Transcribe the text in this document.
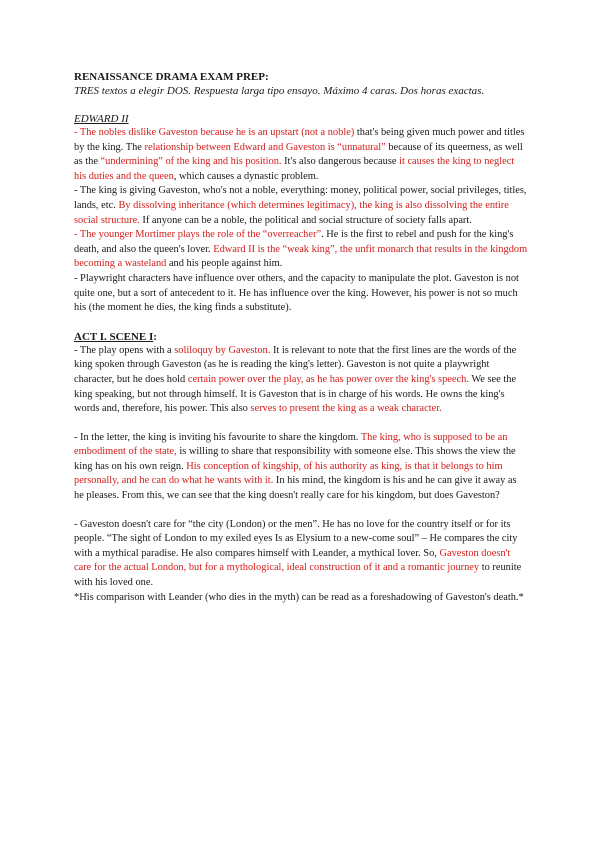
RENAISSANCE DRAMA EXAM PREP:

TRES textos a elegir DOS. Respuesta larga tipo ensayo. Máximo 4 caras. Dos horas exactas.

EDWARD II

- The nobles dislike Gaveston because he is an upstart (not a noble) that's being given much power and titles by the king. The relationship between Edward and Gaveston is “unnatural” because of its queerness, as well as the “undermining” of the king and his position. It's also dangerous because it causes the king to neglect his duties and the queen, which causes a dynastic problem.

- The king is giving Gaveston, who's not a noble, everything: money, political power, social privileges, titles, lands, etc. By dissolving inheritance (which determines legitimacy), the king is also dissolving the entire social structure. If anyone can be a noble, the political and social structure of society falls apart.

- The younger Mortimer plays the role of the “overreacher”. He is the first to rebel and push for the king's death, and also the queen's lover. Edward II is the “weak king”, the unfit monarch that results in the kingdom becoming a wasteland and his people against him.

- Playwright characters have influence over others, and the capacity to manipulate the plot. Gaveston is not quite one, but a sort of antecedent to it. He has influence over the king. However, his power is not so much his (the moment he dies, the king finds a substitute).

ACT I. SCENE I:

- The play opens with a soliloquy by Gaveston. It is relevant to note that the first lines are the words of the king spoken through Gaveston (as he is reading the king's letter). Gaveston is not quite a playwright character, but he does hold certain power over the play, as he has power over the king's speech. We see the king speaking, but not through himself. It is Gaveston that is in charge of his words. He owns the king's words and, therefore, his power. This also serves to present the king as a weak character.

- In the letter, the king is inviting his favourite to share the kingdom. The king, who is supposed to be an embodiment of the state, is willing to share that responsibility with someone else. This shows the view the king has on his own reign. His conception of kingship, of his authority as king, is that it belongs to him personally, and he can do what he wants with it. In his mind, the kingdom is his and he can give it away as he pleases. From this, we can see that the king doesn't really care for his kingdom, but does Gaveston?

- Gaveston doesn't care for “the city (London) or the men”. He has no love for the country itself or for its people. “The sight of London to my exiled eyes Is as Elysium to a new-come soul” – He compares the city with a mythical paradise. He also compares himself with Leander, a mythical lover. So, Gaveston doesn't care for the actual London, but for a mythological, ideal construction of it and a romantic journey to reunite with his loved one.

*His comparison with Leander (who dies in the myth) can be read as a foreshadowing of Gaveston's death.*
